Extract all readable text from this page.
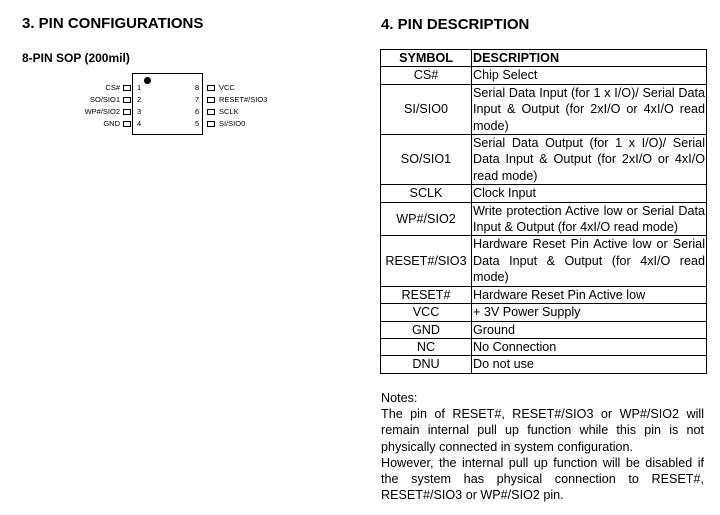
3. PIN CONFIGURATIONS
8-PIN SOP (200mil)
CS# 1
SO/SIO1 2
WP#/SIO2 3
GND 4
8	VCC
7	RESET#/SIO3
6	SCLK
5	SI/SIO0
4. PIN DESCRIPTION
SYMBOL	DESCRIPTION
CS#	Chip Select
SI/SIO0	Serial Data Input (for 1 x I/O)/ Serial Data Input & Output (for 2xI/O or 4xI/O read mode)
SO/SIO1	Serial Data Output (for 1 x I/O)/ Serial Data Input & Output (for 2xI/O or 4xI/O read mode)
SCLK	Clock Input
WP#/SIO2	Write protection Active low or Serial Data Input & Output (for 4xI/O read mode)
RESET#/SIO3	Hardware Reset Pin Active low or Serial Data Input & Output (for 4xI/O read mode)
RESET#	Hardware Reset Pin Active low
VCC	+ 3V Power Supply
GND	Ground
NC	No Connection
DNU	Do not use

Notes:

The pin of RESET#, RESET#/SIO3 or WP#/SIO2 will remain internal pull up function while this pin is not physically connected in system configuration.

However, the internal pull up function will be disabled if the system has physical connection to RESET#, RESET#/SIO3 or WP#/SIO2 pin.
